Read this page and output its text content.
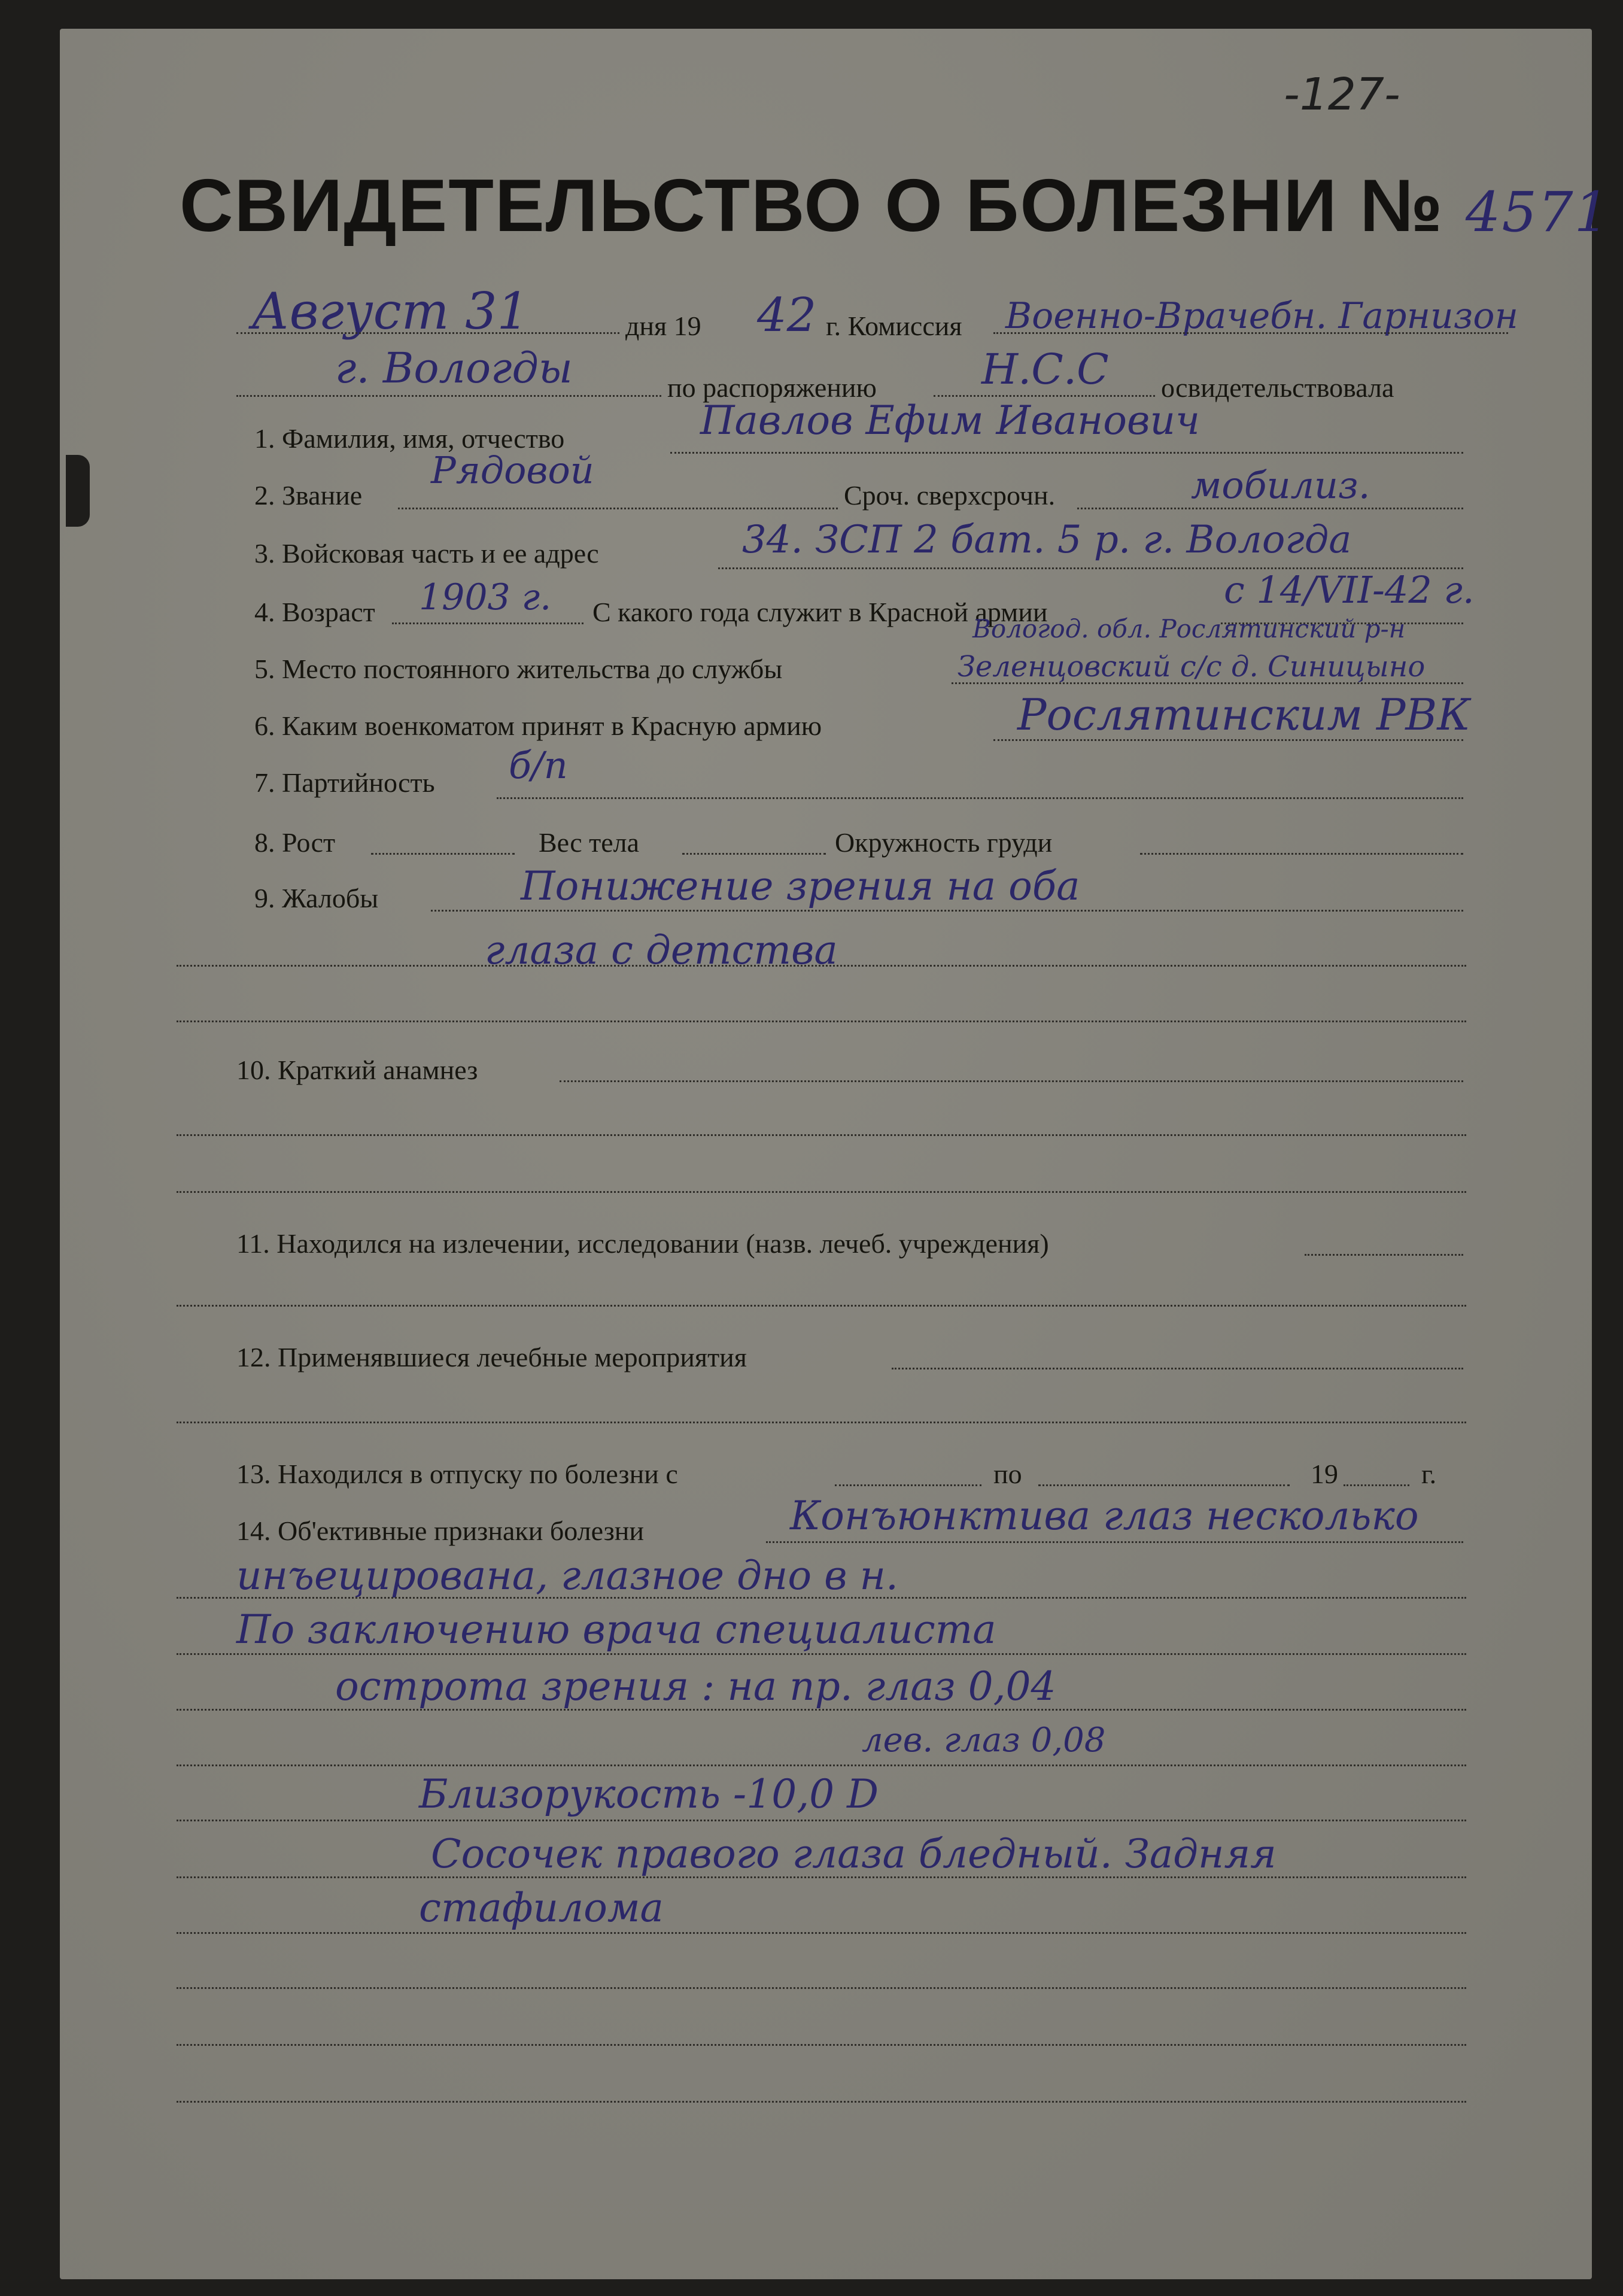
-127-
СВИДЕТЕЛЬСТВО О БОЛЕЗНИ № 4571
Август 31	дня 19 42 г. Комиссия Военно-Врачебн. Гарнизон
г. Вологды	по распоряжению	Н.С.С освидетельствовала
1. Фамилия, имя, отчество	Павлов Ефим Иванович
2. Звание
Рядовой
Сроч. сверхсрочн.	мобилиз.
3. Войсковая часть и ее адрес	34. ЗСП 2 бат. 5 р. г. Вологда
4. Возраст 1903 г. С какого года служит в Красной армии
с 14/VII-42 г.
5. Место постоянного жительства до службы
Вологод. обл. Рослятинский р-н
Зеленцовский с/с д. Синицыно
6. Каким военкоматом принят в Красную армию	Рослятинским РВК
7. Партийность б/п
8. Рост	Вес тела	Окружность груди
9. Жалобы	Понижение зрения на оба
глаза с детства
10. Краткий анамнез
11. Находился на излечении, исследовании (назв. лечеб. учреждения)
12. Применявшиеся лечебные мероприятия
13. Находился в отпуску по болезни с	по	19	г.
14. Об'ективные признаки болезни	Конъюнктива глаз несколько
инъецирована, глазное дно в н.
По заключению врача специалиста
острота зрения : на пр. глаз 0,04
лев. глаз 0,08
Близорукость -10,0 D
Сосочек правого глаза бледный. Задняя
стафилома
